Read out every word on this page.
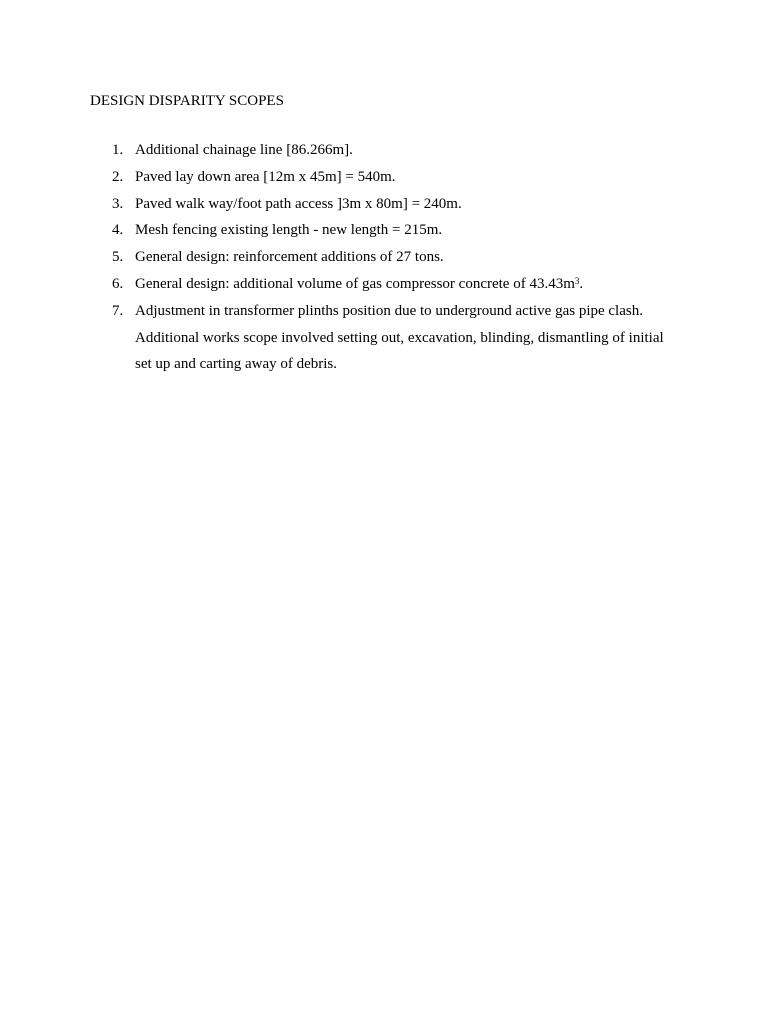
DESIGN DISPARITY SCOPES
1. Additional chainage line [86.266m].
2. Paved lay down area [12m x 45m] = 540m.
3. Paved walk way/foot path access ]3m x 80m] = 240m.
4. Mesh fencing existing length - new length = 215m.
5. General design: reinforcement additions of 27 tons.
6. General design: additional volume of gas compressor concrete of $43.43m^3$.
7. Adjustment in transformer plinths position due to underground active gas pipe clash. Additional works scope involved setting out, excavation, blinding, dismantling of initial set up and carting away of debris.
